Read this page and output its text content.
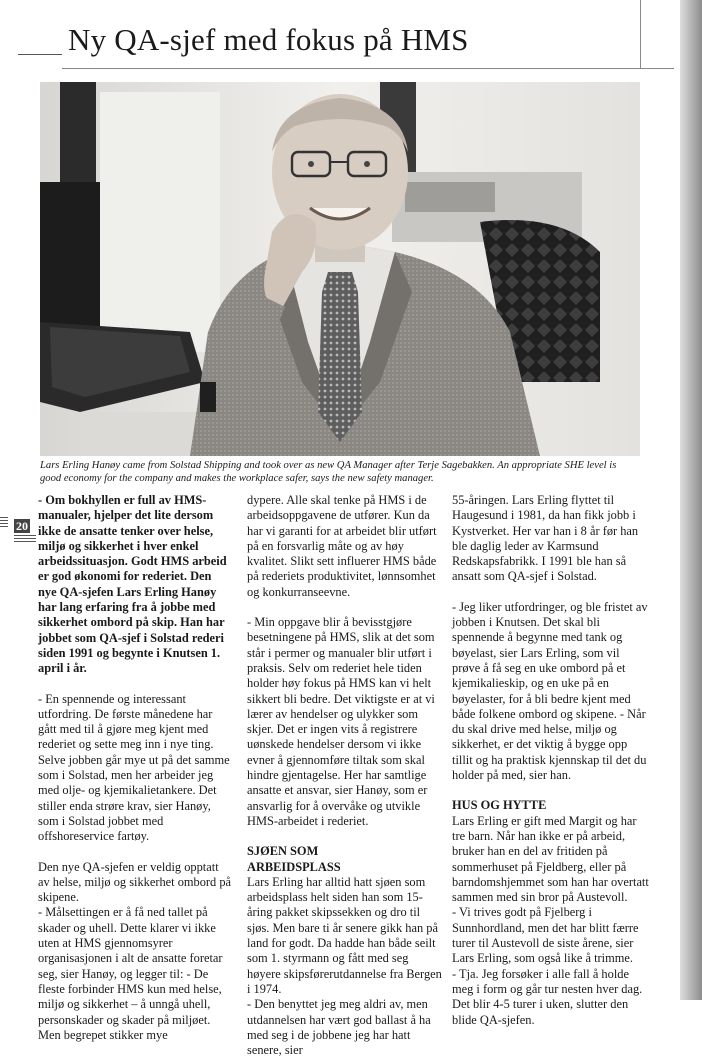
Ny QA-sjef med fokus på HMS
Lars Erling Hanøy came from Solstad Shipping and took over as new QA Manager after Terje Sagebakken. An appropriate SHE level is good economy for the company and makes the workplace safer, says the new safety manager.
20

- Om bokhyllen er full av HMS-manualer, hjelper det lite dersom ikke de ansatte tenker over helse, miljø og sikkerhet i hver enkel arbeidssituasjon. Godt HMS arbeid er god økonomi for rederiet. Den nye QA-sjefen Lars Erling Hanøy har lang erfaring fra å jobbe med sikkerhet ombord på skip. Han har jobbet som QA-sjef i Solstad rederi siden 1991 og begynte i Knutsen 1. april i år.

- En spennende og interessant utfordring. De første månedene har gått med til å gjøre meg kjent med rederiet og sette meg inn i nye ting. Selve jobben går mye ut på det samme som i Solstad, men her arbeider jeg med olje- og kjemikalietankere. Det stiller enda strøre krav, sier Hanøy, som i Solstad jobbet med offshoreservice fartøy.

Den nye QA-sjefen er veldig opptatt av helse, miljø og sikkerhet ombord på skipene.

- Målsettingen er å få ned tallet på skader og uhell. Dette klarer vi ikke uten at HMS gjennomsyrer organisasjonen i alt de ansatte foretar seg, sier Hanøy, og legger til: - De fleste forbinder HMS kun med helse, miljø og sikkerhet – å unngå uhell, personskader og skader på miljøet. Men begrepet stikker mye

dypere. Alle skal tenke på HMS i de arbeidsoppgavene de utfører. Kun da har vi garanti for at arbeidet blir utført på en forsvarlig måte og av høy kvalitet. Slikt sett influerer HMS både på rederiets produktivitet, lønnsomhet og konkurranseevne.

- Min oppgave blir å bevisstgjøre besetningene på HMS, slik at det som står i permer og manualer blir utført i praksis. Selv om rederiet hele tiden holder høy fokus på HMS kan vi helt sikkert bli bedre. Det viktigste er at vi lærer av hendelser og ulykker som skjer. Det er ingen vits å registrere uønskede hendelser dersom vi ikke evner å gjennomføre tiltak som skal hindre gjentagelse. Her har samtlige ansatte et ansvar, sier Hanøy, som er ansvarlig for å overvåke og utvikle HMS-arbeidet i rederiet.

SJØEN SOM

ARBEIDSPLASS

Lars Erling har alltid hatt sjøen som arbeidsplass helt siden han som 15-åring pakket skipssekken og dro til sjøs. Men bare ti år senere gikk han på land for godt. Da hadde han både seilt som 1. styrmann og fått med seg høyere skipsførerutdannelse fra Bergen i 1974.

- Den benyttet jeg meg aldri av, men utdannelsen har vært god ballast å ha med seg i de jobbene jeg har hatt senere, sier

55-åringen. Lars Erling flyttet til Haugesund i 1981, da han fikk jobb i Kystverket. Her var han i 8 år før han ble daglig leder av Karmsund Redskapsfabrikk. I 1991 ble han så ansatt som QA-sjef i Solstad.

- Jeg liker utfordringer, og ble fristet av jobben i Knutsen. Det skal bli spennende å begynne med tank og bøyelast, sier Lars Erling, som vil prøve å få seg en uke ombord på et kjemikalieskip, og en uke på en bøyelaster, for å bli bedre kjent med både folkene ombord og skipene. - Når du skal drive med helse, miljø og sikkerhet, er det viktig å bygge opp tillit og ha praktisk kjennskap til det du holder på med, sier han.

HUS OG HYTTE

Lars Erling er gift med Margit og har tre barn. Når han ikke er på arbeid, bruker han en del av fritiden på sommerhuset på Fjeldberg, eller på barndomshjemmet som han har overtatt sammen med sin bror på Austevoll.

- Vi trives godt på Fjelberg i Sunnhordland, men det har blitt færre turer til Austevoll de siste årene, sier Lars Erling, som også like å trimme.

- Tja. Jeg forsøker i alle fall å holde meg i form og går tur nesten hver dag. Det blir 4-5 turer i uken, slutter den blide QA-sjefen.
